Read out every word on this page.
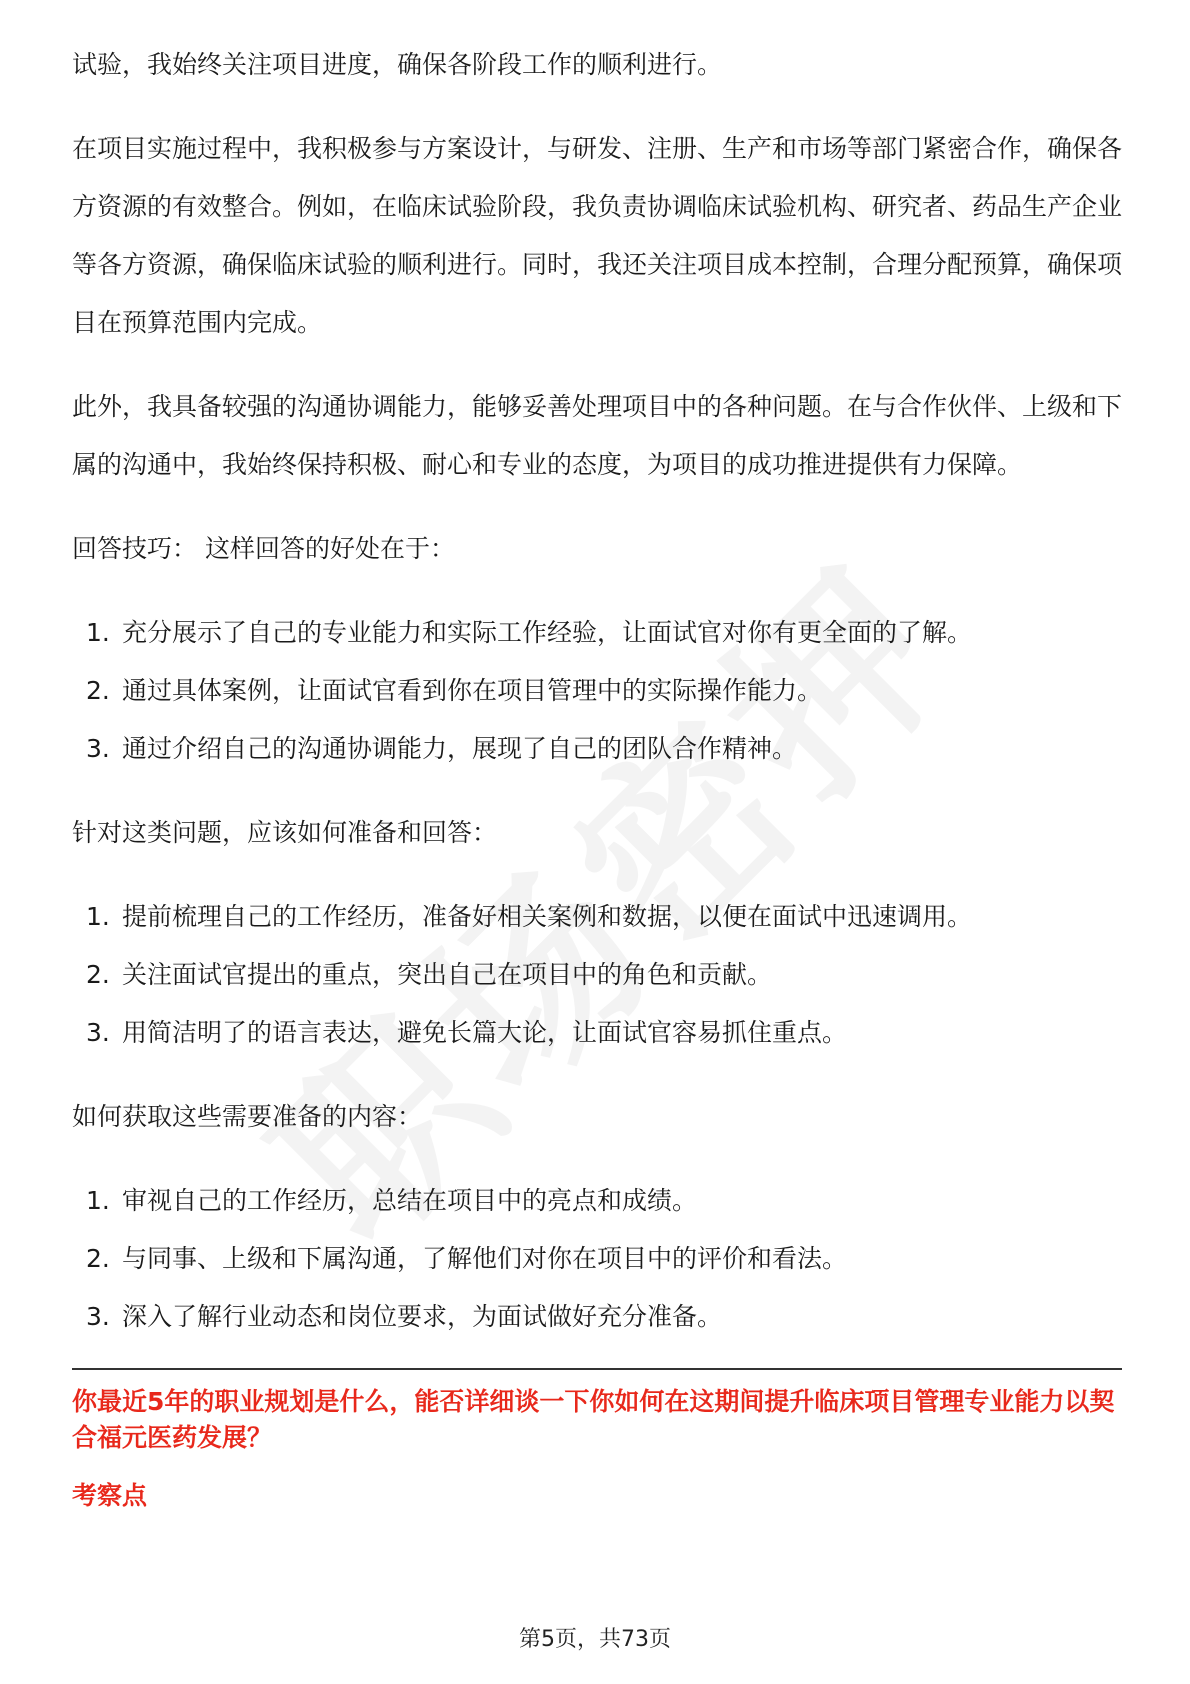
试验，我始终关注项目进度，确保各阶段工作的顺利进行。

在项目实施过程中，我积极参与方案设计，与研发、注册、生产和市场等部门紧密合作，确保各方资源的有效整合。例如，在临床试验阶段，我负责协调临床试验机构、研究者、药品生产企业等各方资源，确保临床试验的顺利进行。同时，我还关注项目成本控制，合理分配预算，确保项目在预算范围内完成。

此外，我具备较强的沟通协调能力，能够妥善处理项目中的各种问题。在与合作伙伴、上级和下属的沟通中，我始终保持积极、耐心和专业的态度，为项目的成功推进提供有力保障。

回答技巧： 这样回答的好处在于：

1. 充分展示了自己的专业能力和实际工作经验，让面试官对你有更全面的了解。
2. 通过具体案例，让面试官看到你在项目管理中的实际操作能力。
3. 通过介绍自己的沟通协调能力，展现了自己的团队合作精神。

针对这类问题，应该如何准备和回答：

1. 提前梳理自己的工作经历，准备好相关案例和数据，以便在面试中迅速调用。
2. 关注面试官提出的重点，突出自己在项目中的角色和贡献。
3. 用简洁明了的语言表达，避免长篇大论，让面试官容易抓住重点。

如何获取这些需要准备的内容：

1. 审视自己的工作经历，总结在项目中的亮点和成绩。
2. 与同事、上级和下属沟通，了解他们对你在项目中的评价和看法。
3. 深入了解行业动态和岗位要求，为面试做好充分准备。

你最近5年的职业规划是什么，能否详细谈一下你如何在这期间提升临床项目管理专业能力以契合福元医药发展？

考察点

第5页，共73页
